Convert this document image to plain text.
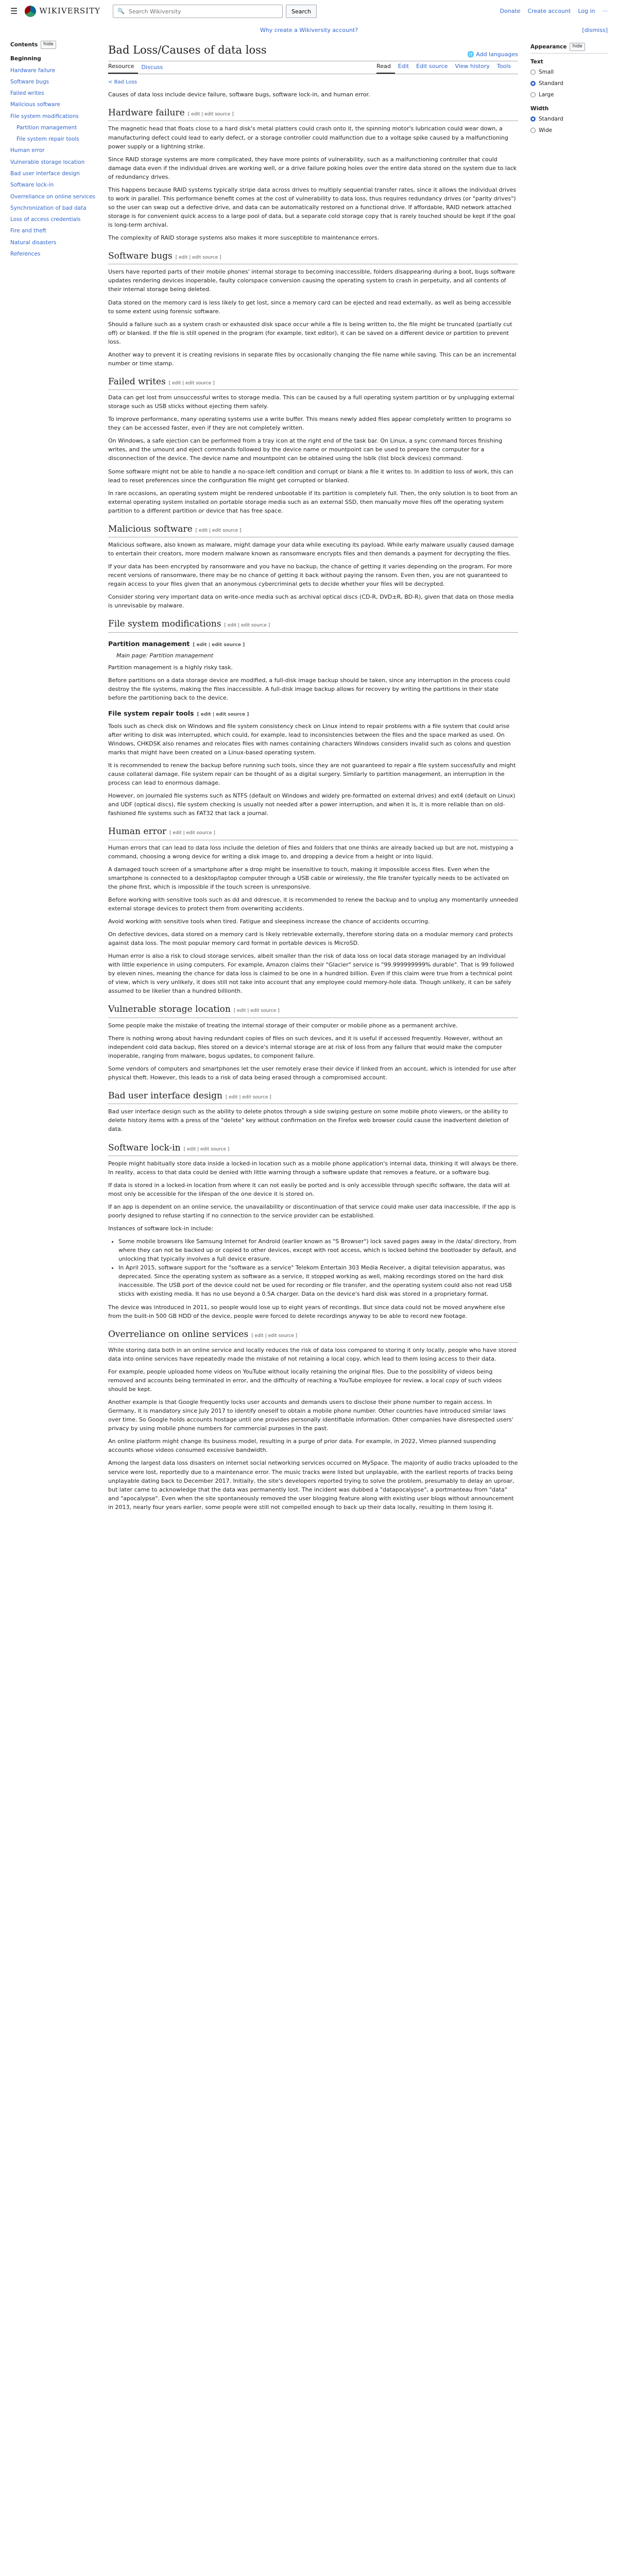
☰	WIKIVERSITY	🔍
Search Wikiversity	Search	Donate Create account Log in ···
Why create a Wikiversity account?	[dismiss]
Contents	hide
Beginning
Hardware failure
Software bugs
Failed writes
Malicious software
File system modifications
Partition management
File system repair tools
Human error
Vulnerable storage location
Bad user interface design
Software lock-in
Overreliance on online services
Synchronization of bad data
Loss of access credentials
Fire and theft
Natural disasters
References
Bad Loss/Causes of data loss	🌐 Add languages
Resource	Discuss	Read	Edit	Edit source	View history	Tools
< Bad Loss

Causes of data loss include device failure, software bugs, software lock-in, and human error.

Hardware failure [ edit | edit source ]

The magnetic head that floats close to a hard disk's metal platters could crash onto it, the spinning motor's lubrication could wear down, a manufacturing defect could lead to early defect, or a storage controller could malfunction due to a voltage spike caused by a malfunctioning power supply or a lightning strike.

Since RAID storage systems are more complicated, they have more points of vulnerability, such as a malfunctioning controller that could damage data even if the individual drives are working well, or a drive failure poking holes over the entire data stored on the system due to lack of redundancy drives.

This happens because RAID systems typically stripe data across drives to multiply sequential transfer rates, since it allows the individual drives to work in parallel. This performance benefit comes at the cost of vulnerability to data loss, thus requires redundancy drives (or "parity drives") so the user can swap out a defective drive, and data can be automatically restored on a functional drive. If affordable, RAID network attached storage is for convenient quick access to a large pool of data, but a separate cold storage copy that is rarely touched should be kept if the goal is long-term archival.

The complexity of RAID storage systems also makes it more susceptible to maintenance errors.

Software bugs [ edit | edit source ]

Users have reported parts of their mobile phones' internal storage to becoming inaccessible, folders disappearing during a boot, bugs software updates rendering devices inoperable, faulty colorspace conversion causing the operating system to crash in perpetuity, and all contents of their internal storage being deleted.

Data stored on the memory card is less likely to get lost, since a memory card can be ejected and read externally, as well as being accessible to some extent using forensic software.

Should a failure such as a system crash or exhausted disk space occur while a file is being written to, the file might be truncated (partially cut off) or blanked. If the file is still opened in the program (for example, text editor), it can be saved on a different device or partition to prevent loss.

Another way to prevent it is creating revisions in separate files by occasionally changing the file name while saving. This can be an incremental number or time stamp.

Failed writes [ edit | edit source ]

Data can get lost from unsuccessful writes to storage media. This can be caused by a full operating system partition or by unplugging external storage such as USB sticks without ejecting them safely.

To improve performance, many operating systems use a write buffer. This means newly added files appear completely written to programs so they can be accessed faster, even if they are not completely written.

On Windows, a safe ejection can be performed from a tray icon at the right end of the task bar. On Linux, a sync command forces finishing writes, and the umount and eject commands followed by the device name or mountpoint can be used to prepare the computer for a disconnection of the device. The device name and mountpoint can be obtained using the lsblk (list block devices) command.

Some software might not be able to handle a no-space-left condition and corrupt or blank a file it writes to. In addition to loss of work, this can lead to reset preferences since the configuration file might get corrupted or blanked.

In rare occasions, an operating system might be rendered unbootable if its partition is completely full. Then, the only solution is to boot from an external operating system installed on portable storage media such as an external SSD, then manually move files off the operating system partition to a different partition or device that has free space.

Malicious software [ edit | edit source ]

Malicious software, also known as malware, might damage your data while executing its payload. While early malware usually caused damage to entertain their creators, more modern malware known as ransomware encrypts files and then demands a payment for decrypting the files.

If your data has been encrypted by ransomware and you have no backup, the chance of getting it varies depending on the program. For more recent versions of ransomware, there may be no chance of getting it back without paying the ransom. Even then, you are not guaranteed to regain access to your files given that an anonymous cybercriminal gets to decide whether your files will be decrypted.

Consider storing very important data on write-once media such as archival optical discs (CD-R, DVD±R, BD-R), given that data on those media is unrevisable by malware.

File system modifications [ edit | edit source ]
Partition management [ edit | edit source ]
Main page: Partition management

Partition management is a highly risky task.

Before partitions on a data storage device are modified, a full-disk image backup should be taken, since any interruption in the process could destroy the file systems, making the files inaccessible. A full-disk image backup allows for recovery by writing the partitions in their state before the partitioning back to the device.

File system repair tools [ edit | edit source ]

Tools such as check disk on Windows and file system consistency check on Linux intend to repair problems with a file system that could arise after writing to disk was interrupted, which could, for example, lead to inconsistencies between the files and the space marked as used. On Windows, CHKDSK also renames and relocates files with names containing characters Windows considers invalid such as colons and question marks that might have been created on a Linux-based operating system.

It is recommended to renew the backup before running such tools, since they are not guaranteed to repair a file system successfully and might cause collateral damage. File system repair can be thought of as a digital surgery. Similarly to partition management, an interruption in the process can lead to enormous damage.

However, on journaled file systems such as NTFS (default on Windows and widely pre-formatted on external drives) and ext4 (default on Linux) and UDF (optical discs), file system checking is usually not needed after a power interruption, and when it is, it is more reliable than on old-fashioned file systems such as FAT32 that lack a journal.

Human error [ edit | edit source ]

Human errors that can lead to data loss include the deletion of files and folders that one thinks are already backed up but are not, mistyping a command, choosing a wrong device for writing a disk image to, and dropping a device from a height or into liquid.

A damaged touch screen of a smartphone after a drop might be insensitive to touch, making it impossible access files. Even when the smartphone is connected to a desktop/laptop computer through a USB cable or wirelessly, the file transfer typically needs to be activated on the phone first, which is impossible if the touch screen is unresponsive.

Before working with sensitive tools such as dd and ddrescue, it is recommended to renew the backup and to unplug any momentarily unneeded external storage devices to protect them from overwriting accidents.

Avoid working with sensitive tools when tired. Fatigue and sleepiness increase the chance of accidents occurring.

On defective devices, data stored on a memory card is likely retrievable externally, therefore storing data on a modular memory card protects against data loss. The most popular memory card format in portable devices is MicroSD.

Human error is also a risk to cloud storage services, albeit smaller than the risk of data loss on local data storage managed by an individual with little experience in using computers. For example, Amazon claims their "Glacier" service is "99.999999999% durable". That is 99 followed by eleven nines, meaning the chance for data loss is claimed to be one in a hundred billion. Even if this claim were true from a technical point of view, which is very unlikely, it does still not take into account that any employee could memory-hole data. Though unlikely, it can be safely assumed to be likelier than a hundred billionth.

Vulnerable storage location [ edit | edit source ]

Some people make the mistake of treating the internal storage of their computer or mobile phone as a permanent archive.

There is nothing wrong about having redundant copies of files on such devices, and it is useful if accessed frequently. However, without an independent cold data backup, files stored on a device's internal storage are at risk of loss from any failure that would make the computer inoperable, ranging from malware, bogus updates, to component failure.

Some vendors of computers and smartphones let the user remotely erase their device if linked from an account, which is intended for use after physical theft. However, this leads to a risk of data being erased through a compromised account.

Bad user interface design [ edit | edit source ]

Bad user interface design such as the ability to delete photos through a side swiping gesture on some mobile photo viewers, or the ability to delete history items with a press of the "delete" key without confirmation on the Firefox web browser could cause the inadvertent deletion of data.

Software lock-in [ edit | edit source ]

People might habitually store data inside a locked-in location such as a mobile phone application's internal data, thinking it will always be there. In reality, access to that data could be denied with little warning through a software update that removes a feature, or a software bug.

If data is stored in a locked-in location from where it can not easily be ported and is only accessible through specific software, the data will at most only be accessible for the lifespan of the one device it is stored on.

If an app is dependent on an online service, the unavailability or discontinuation of that service could make user data inaccessible, if the app is poorly designed to refuse starting if no connection to the service provider can be established.

Instances of software lock-in include:

• Some mobile browsers like Samsung Internet for Android (earlier known as "S Browser") lock saved pages away in the /data/ directory, from where they can not be backed up or copied to other devices, except with root access, which is locked behind the bootloader by default, and unlocking that typically involves a full device erasure.
• In April 2015, software support for the "software as a service" Telekom Entertain 303 Media Receiver, a digital television apparatus, was deprecated. Since the operating system as software as a service, it stopped working as well, making recordings stored on the hard disk inaccessible. The USB port of the device could not be used for recording or file transfer, and the operating system could also not read USB sticks with existing media. It has no use beyond a 0.5A charger. Data on the device's hard disk was stored in a proprietary format.

The device was introduced in 2011, so people would lose up to eight years of recordings. But since data could not be moved anywhere else from the built-in 500 GB HDD of the device, people were forced to delete recordings anyway to be able to record new footage.

Overreliance on online services [ edit | edit source ]

While storing data both in an online service and locally reduces the risk of data loss compared to storing it only locally, people who have stored data into online services have repeatedly made the mistake of not retaining a local copy, which lead to them losing access to their data.

For example, people uploaded home videos on YouTube without locally retaining the original files. Due to the possibility of videos being removed and accounts being terminated in error, and the difficulty of reaching a YouTube employee for review, a local copy of such videos should be kept.

Another example is that Google frequently locks user accounts and demands users to disclose their phone number to regain access. In Germany, it is mandatory since July 2017 to identify oneself to obtain a mobile phone number. Other countries have introduced similar laws over time. So Google holds accounts hostage until one provides personally identifiable information. Other companies have disrespected users' privacy by using mobile phone numbers for commercial purposes in the past.

An online platform might change its business model, resulting in a purge of prior data. For example, in 2022, Vimeo planned suspending accounts whose videos consumed excessive bandwidth.

Among the largest data loss disasters on internet social networking services occurred on MySpace. The majority of audio tracks uploaded to the service were lost, reportedly due to a maintenance error. The music tracks were listed but unplayable, with the earliest reports of tracks being unplayable dating back to December 2017. Initially, the site's developers reported trying to solve the problem, presumably to delay an uproar, but later came to acknowledge that the data was permanently lost. The incident was dubbed a "datapocalypse", a portmanteau from "data" and "apocalypse". Even when the site spontaneously removed the user blogging feature along with existing user blogs without announcement in 2013, nearly four years earlier, some people were still not compelled enough to back up their data locally, resulting in them losing it.

Appearance	hide
Text
Small
Standard
Large
Width
Standard
Wide
